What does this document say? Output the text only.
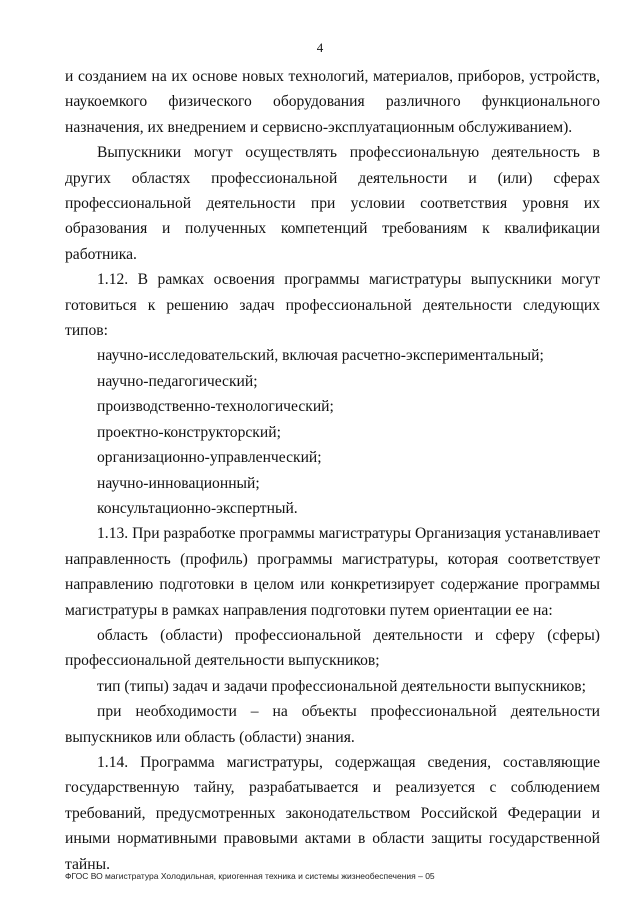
4

и созданием на их основе новых технологий, материалов, приборов, устройств, наукоемкого физического оборудования различного функционального назначения, их внедрением и сервисно-эксплуатационным обслуживанием).

Выпускники могут осуществлять профессиональную деятельность в других областях профессиональной деятельности и (или) сферах профессиональной деятельности при условии соответствия уровня их образования и полученных компетенций требованиям к квалификации работника.

1.12. В рамках освоения программы магистратуры выпускники могут готовиться к решению задач профессиональной деятельности следующих типов:

научно-исследовательский, включая расчетно-экспериментальный;

научно-педагогический;

производственно-технологический;

проектно-конструкторский;

организационно-управленческий;

научно-инновационный;

консультационно-экспертный.

1.13. При разработке программы магистратуры Организация устанавливает направленность (профиль) программы магистратуры, которая соответствует направлению подготовки в целом или конкретизирует содержание программы магистратуры в рамках направления подготовки путем ориентации ее на:

область (области) профессиональной деятельности и сферу (сферы) профессиональной деятельности выпускников;

тип (типы) задач и задачи профессиональной деятельности выпускников;

при необходимости – на объекты профессиональной деятельности выпускников или область (области) знания.

1.14. Программа магистратуры, содержащая сведения, составляющие государственную тайну, разрабатывается и реализуется с соблюдением требований, предусмотренных законодательством Российской Федерации и иными нормативными правовыми актами в области защиты государственной тайны.

ФГОС ВО магистратура Холодильная, криогенная техника и системы жизнеобеспечения – 05
